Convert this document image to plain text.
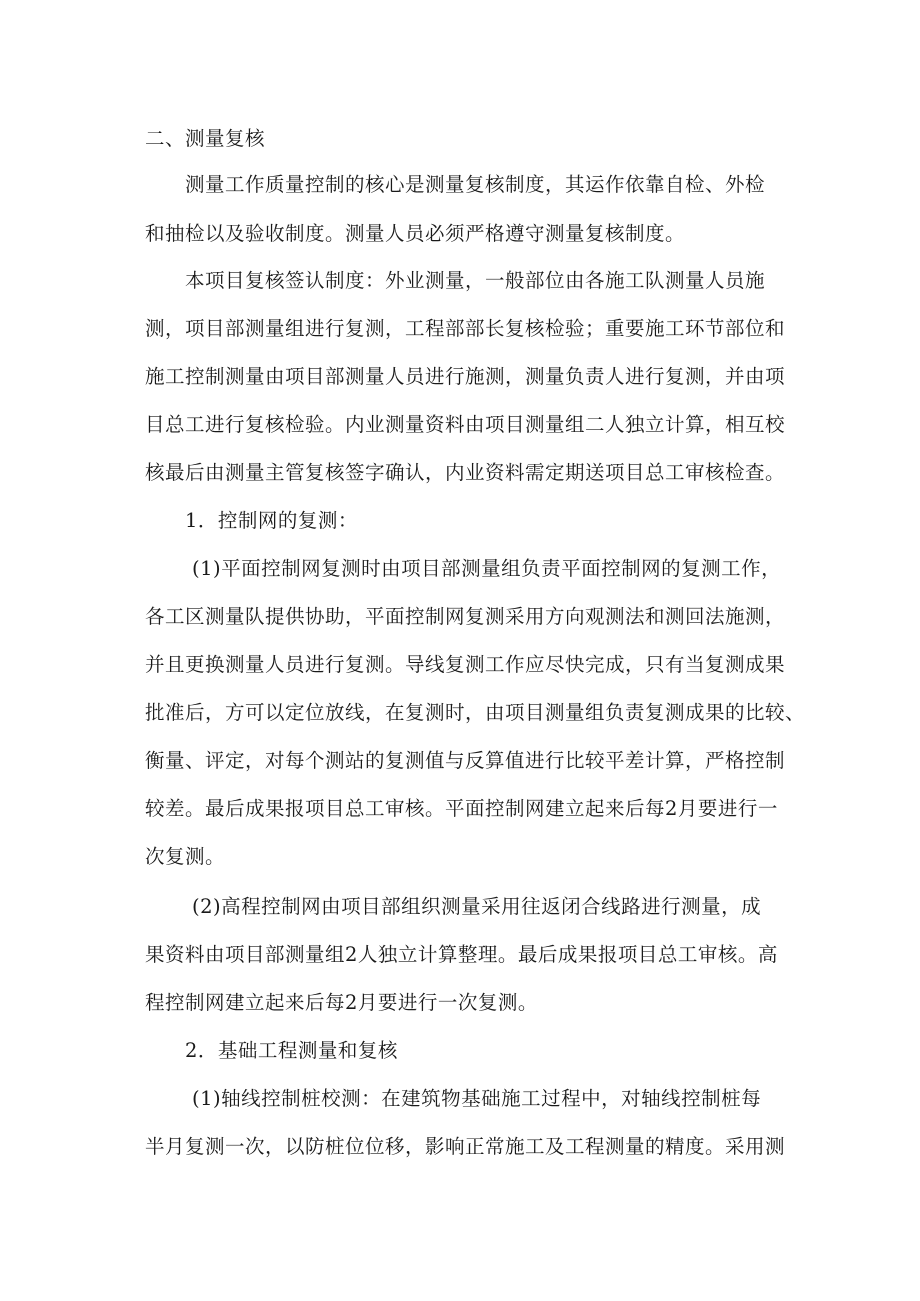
二、测量复核
测量工作质量控制的核心是测量复核制度，其运作依靠自检、外检
和抽检以及验收制度。测量人员必须严格遵守测量复核制度。
本项目复核签认制度：外业测量，一般部位由各施工队测量人员施
测，项目部测量组进行复测，工程部部长复核检验；重要施工环节部位和
施工控制测量由项目部测量人员进行施测，测量负责人进行复测，并由项
目总工进行复核检验。内业测量资料由项目测量组二人独立计算，相互校
核最后由测量主管复核签字确认，内业资料需定期送项目总工审核检查。
1．控制网的复测：
(1)平面控制网复测时由项目部测量组负责平面控制网的复测工作，
各工区测量队提供协助，平面控制网复测采用方向观测法和测回法施测，
并且更换测量人员进行复测。导线复测工作应尽快完成，只有当复测成果
批准后，方可以定位放线，在复测时，由项目测量组负责复测成果的比较、
衡量、评定，对每个测站的复测值与反算值进行比较平差计算，严格控制
较差。最后成果报项目总工审核。平面控制网建立起来后每2月要进行一
次复测。
(2)高程控制网由项目部组织测量采用往返闭合线路进行测量，成
果资料由项目部测量组2人独立计算整理。最后成果报项目总工审核。高
程控制网建立起来后每2月要进行一次复测。
2．基础工程测量和复核
(1)轴线控制桩校测：在建筑物基础施工过程中，对轴线控制桩每
半月复测一次，以防桩位位移，影响正常施工及工程测量的精度。采用测
